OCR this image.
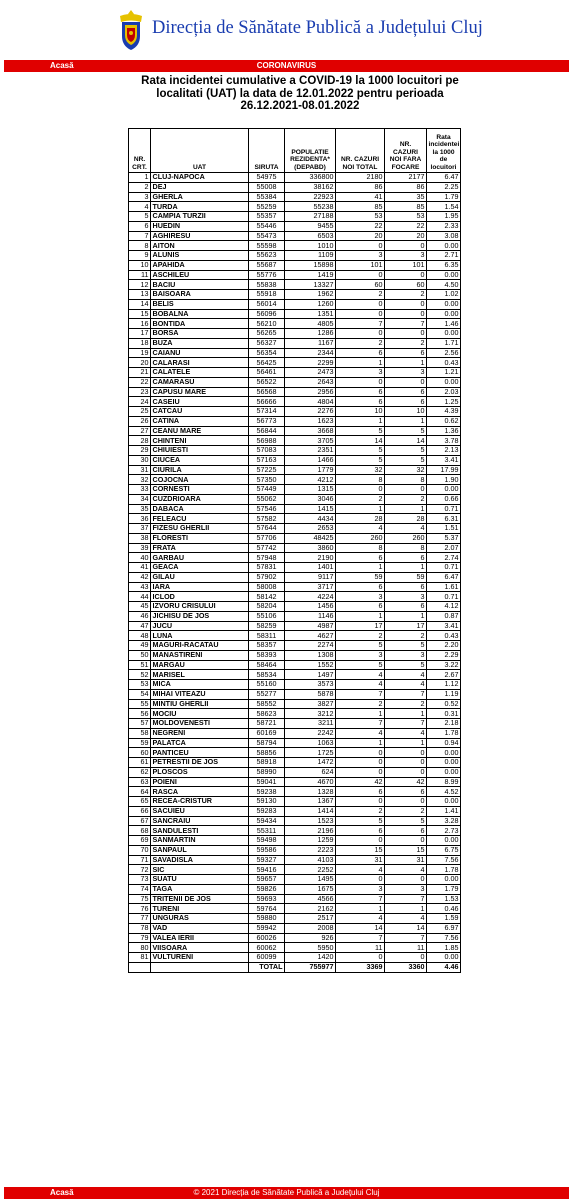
Direcția de Sănătate Publică a Județului Cluj
Acasă	CORONAVIRUS
Rata incidentei cumulative a COVID-19 la 1000 locuitori pe
localitati (UAT) la data de 12.01.2022 pentru perioada
26.12.2021-08.01.2022
NR. CRT.	UAT	SIRUTA	POPULATIE REZIDENTA* (DEPABD)	NR. CAZURI NOI TOTAL	NR. CAZURI NOI FARA FOCARE	Rata incidentei la 1000 de locuitori
1	CLUJ-NAPOCA	54975	336800	2180	2177	6.47
2	DEJ	55008	38162	86	86	2.25
3	GHERLA	55384	22923	41	35	1.79
4	TURDA	55259	55238	85	85	1.54
5	CAMPIA TURZII	55357	27188	53	53	1.95
6	HUEDIN	55446	9455	22	22	2.33
7	AGHIRESU	55473	6503	20	20	3.08
8	AITON	55598	1010	0	0	0.00
9	ALUNIS	55623	1109	3	3	2.71
10	APAHIDA	55687	15898	101	101	6.35
11	ASCHILEU	55776	1419	0	0	0.00
12	BACIU	55838	13327	60	60	4.50
13	BAISOARA	55918	1962	2	2	1.02
14	BELIS	56014	1260	0	0	0.00
15	BOBALNA	56096	1351	0	0	0.00
16	BONTIDA	56210	4805	7	7	1.46
17	BORSA	56265	1286	0	0	0.00
18	BUZA	56327	1167	2	2	1.71
19	CAIANU	56354	2344	6	6	2.56
20	CALARASI	56425	2299	1	1	0.43
21	CALATELE	56461	2473	3	3	1.21
22	CAMARASU	56522	2643	0	0	0.00
23	CAPUSU MARE	56568	2956	6	6	2.03
24	CASEIU	56666	4804	6	6	1.25
25	CATCAU	57314	2276	10	10	4.39
26	CATINA	56773	1623	1	1	0.62
27	CEANU MARE	56844	3668	5	5	1.36
28	CHINTENI	56988	3705	14	14	3.78
29	CHIUIESTI	57083	2351	5	5	2.13
30	CIUCEA	57163	1466	5	5	3.41
31	CIURILA	57225	1779	32	32	17.99
32	COJOCNA	57350	4212	8	8	1.90
33	CORNESTI	57449	1315	0	0	0.00
34	CUZDRIOARA	55062	3046	2	2	0.66
35	DABACA	57546	1415	1	1	0.71
36	FELEACU	57582	4434	28	28	6.31
37	FIZESU GHERLII	57644	2653	4	4	1.51
38	FLORESTI	57706	48425	260	260	5.37
39	FRATA	57742	3860	8	8	2.07
40	GARBAU	57948	2190	6	6	2.74
41	GEACA	57831	1401	1	1	0.71
42	GILAU	57902	9117	59	59	6.47
43	IARA	58008	3717	6	6	1.61
44	ICLOD	58142	4224	3	3	0.71
45	IZVORU CRISULUI	58204	1456	6	6	4.12
46	JICHISU DE JOS	55106	1146	1	1	0.87
47	JUCU	58259	4987	17	17	3.41
48	LUNA	58311	4627	2	2	0.43
49	MAGURI-RACATAU	58357	2274	5	5	2.20
50	MANASTIRENI	58393	1308	3	3	2.29
51	MARGAU	58464	1552	5	5	3.22
52	MARISEL	58534	1497	4	4	2.67
53	MICA	55160	3573	4	4	1.12
54	MIHAI VITEAZU	55277	5878	7	7	1.19
55	MINTIU GHERLII	58552	3827	2	2	0.52
56	MOCIU	58623	3212	1	1	0.31
57	MOLDOVENESTI	58721	3211	7	7	2.18
58	NEGRENI	60169	2242	4	4	1.78
59	PALATCA	58794	1063	1	1	0.94
60	PANTICEU	58856	1725	0	0	0.00
61	PETRESTII DE JOS	58918	1472	0	0	0.00
62	PLOSCOS	58990	624	0	0	0.00
63	POIENI	59041	4670	42	42	8.99
64	RASCA	59238	1328	6	6	4.52
65	RECEA-CRISTUR	59130	1367	0	0	0.00
66	SACUIEU	59283	1414	2	2	1.41
67	SANCRAIU	59434	1523	5	5	3.28
68	SANDULESTI	55311	2196	6	6	2.73
69	SANMARTIN	59498	1259	0	0	0.00
70	SANPAUL	59586	2223	15	15	6.75
71	SAVADISLA	59327	4103	31	31	7.56
72	SIC	59416	2252	4	4	1.78
73	SUATU	59657	1495	0	0	0.00
74	TAGA	59826	1675	3	3	1.79
75	TRITENII DE JOS	59693	4566	7	7	1.53
76	TURENI	59764	2162	1	1	0.46
77	UNGURAS	59880	2517	4	4	1.59
78	VAD	59942	2008	14	14	6.97
79	VALEA IERII	60026	926	7	7	7.56
80	VIISOARA	60062	5950	11	11	1.85
81	VULTURENI	60099	1420	0	0	0.00
		TOTAL	755977	3369	3360	4.46
Acasă	© 2021 Direcția de Sănătate Publică a Județului Cluj
